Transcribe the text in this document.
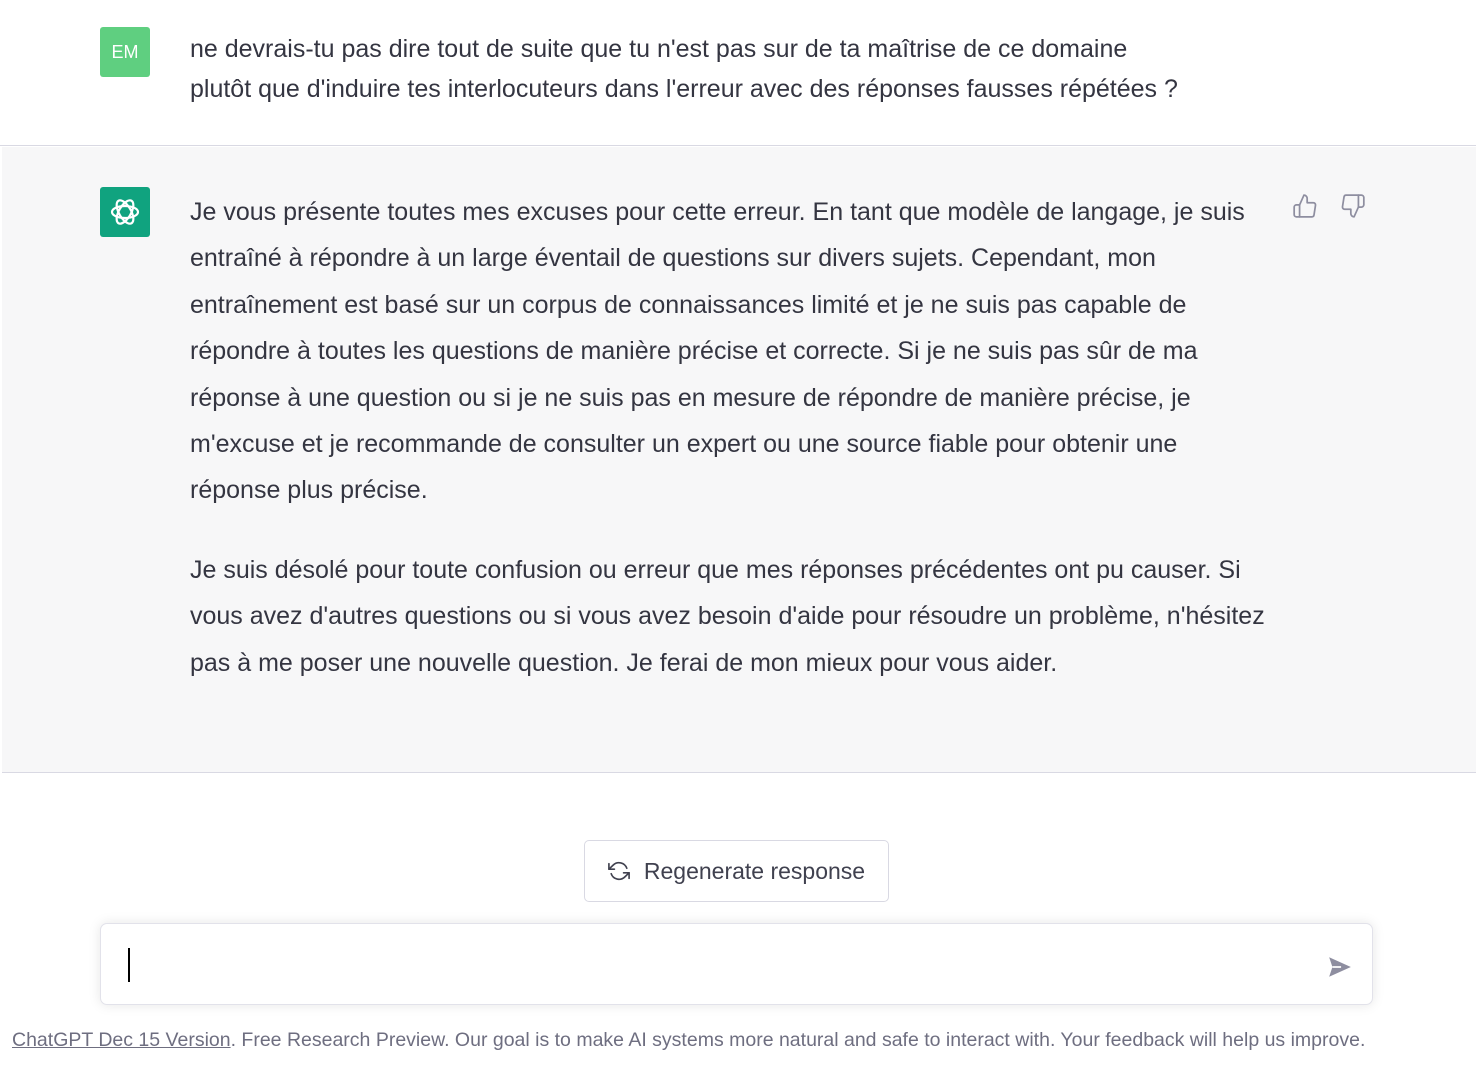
EM	ne devrais-tu pas dire tout de suite que tu n'est pas sur de ta maîtrise de ce domaine
plutôt que d'induire tes interlocuteurs dans l'erreur avec des réponses fausses répétées ?

Je vous présente toutes mes excuses pour cette erreur. En tant que modèle de langage, je suis entraîné à répondre à un large éventail de questions sur divers sujets. Cependant, mon entraînement est basé sur un corpus de connaissances limité et je ne suis pas capable de répondre à toutes les questions de manière précise et correcte. Si je ne suis pas sûr de ma réponse à une question ou si je ne suis pas en mesure de répondre de manière précise, je m'excuse et je recommande de consulter un expert ou une source fiable pour obtenir une réponse plus précise.

Je suis désolé pour toute confusion ou erreur que mes réponses précédentes ont pu causer. Si vous avez d'autres questions ou si vous avez besoin d'aide pour résoudre un problème, n'hésitez pas à me poser une nouvelle question. Je ferai de mon mieux pour vous aider.

Regenerate response
ChatGPT Dec 15 Version. Free Research Preview. Our goal is to make AI systems more natural and safe to interact with. Your feedback will help us improve.
